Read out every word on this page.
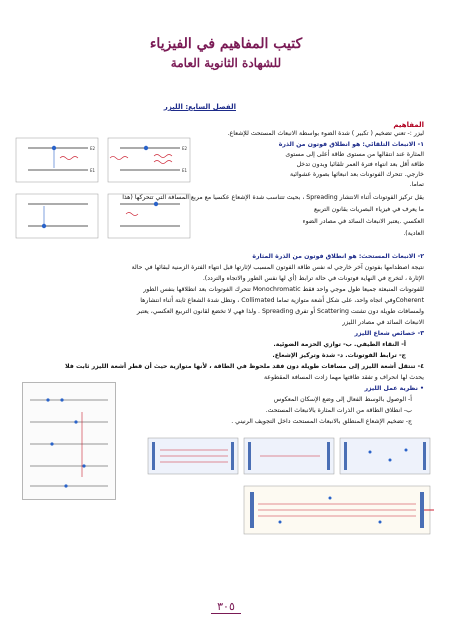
كتيب المفاهيم في الفيزياء
للشهادة الثانوية العامة
الفصل السابع: الليزر
المفاهيم
E2
E1
E2
E1
ليزر :- تعني تضخيم ( تكبير ) شدة الضوء بواسطة الانبعاث المستحث للإشعاع.
١- الانبعاث التلقائي: هو انطلاق فوتون من الذرة
المثارة عند انتقالها من مستوى طاقة أعلى إلى مستوى
طاقة أقل بعد انتهاء فترة العمر تلقائيا وبدون تدخل
خارجي. تتحرك الفوتونات بعد انبعاثها بصورة عشوائية
تماما.
يقل تركيز الفوتونات أثناء الانتشار Spreading ، بحيث تتناسب شدة الإشعاع عكسيا مع مربع المسافة التي تتحركها (هذا
ما يعرف في فيزياء البصريات بقانون التربيع
العكسي .يعتبر الانبعاث السائد في مصادر الضوء
العادية).
٢- الانبعاث المستحث: هو انطلاق فوتون من الذرة المثارة
نتيجة اصطدامها بفوتون آخر خارجي له نفس طاقة الفوتون المسبب لإثارتها قبل انتهاء الفترة الزمنية لبقائها في حالة
الإثارة ، لتخرج في النهاية فوتونات في حالة ترابط (أي لها نفس الطور والاتجاه والتردد).
للفوتونات المنبعثة جميعا طول موجي واحد فقط Monochromatic تتحرك الفوتونات بعد انطلاقها بنفس الطور
Coherentوفي اتجاه واحد، على شكل أشعة متوازية تماما Collimated ، وتظل شدة الشعاع ثابتة أثناء انتشارها
ولمسافات طويلة دون تشتت Scattering أو تفرق Spreading . ولذا فهي لا تخضع لقانون التربيع العكسي، يعتبر
الانبعاث السائد في مصادر الليزر
٣- خصائص شعاع الليزر
أ- النقاء الطيفي. ب- توازي الحزمة الضوئية.
ج- ترابط الفوتونات. د- شدة وتركيز الإشعاع.
٤- تنتقل أشعة الليزر إلى مسافات طويلة دون فقد ملحوظ في الطاقة ، لأنها متوازية حيث أن قطر أشعة الليزر ثابت فلا
يحدث لها انحراف و تفقد طاقتها مهما زادت المسافة المقطوعة
• نظرية عمل الليزر
أ- الوصول بالوسط الفعال إلى وضع الإسكان المعكوس
ب- انطلاق الطاقة من الذرات المثارة بالانبعاث المستحث.
ج- تضخيم الإشعاع المنطلق بالانبعاث المستحث داخل التجويف الرنيني .
٣٠٥
